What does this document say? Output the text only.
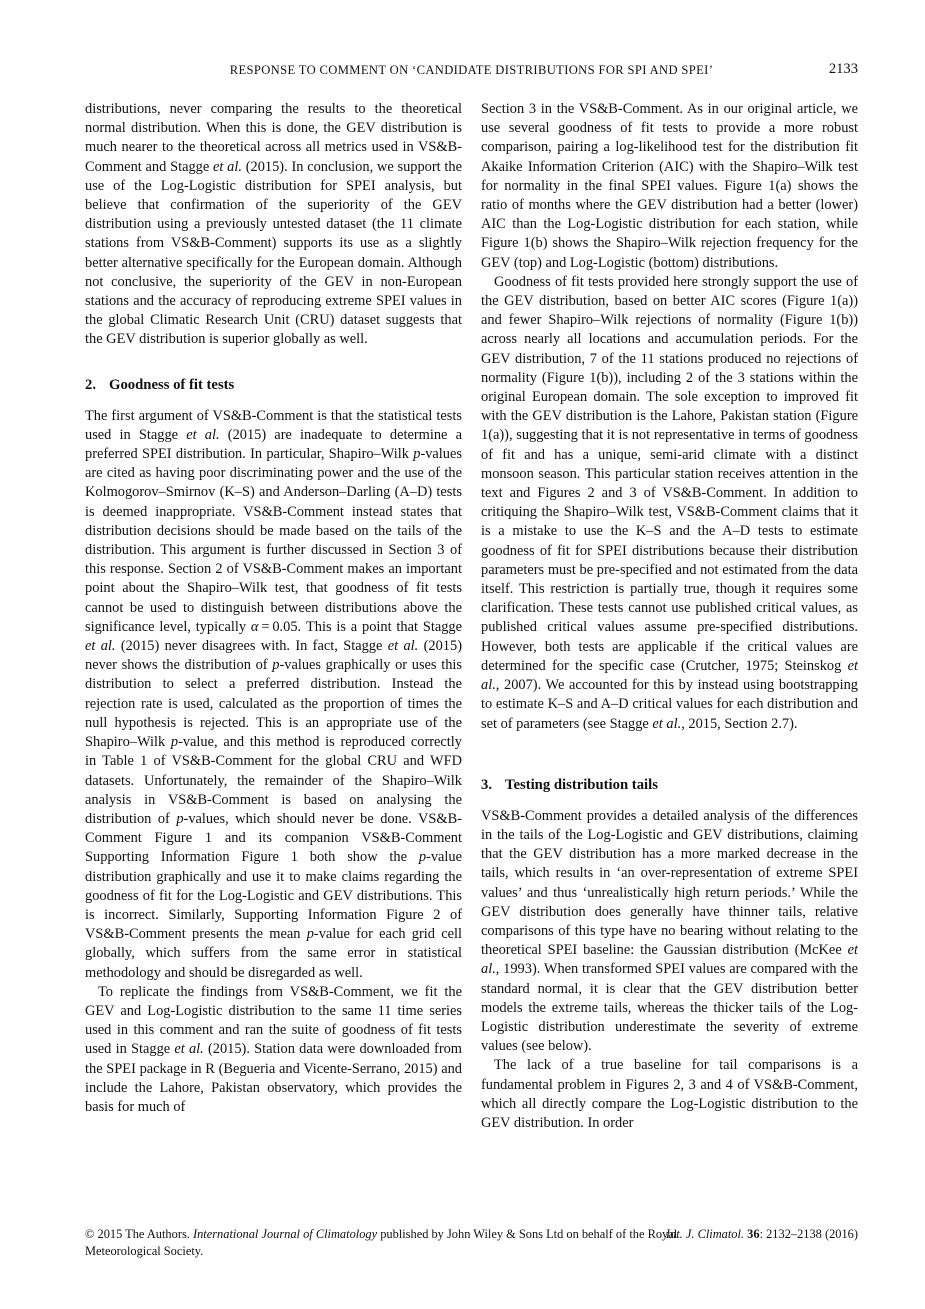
RESPONSE TO COMMENT ON ‘CANDIDATE DISTRIBUTIONS FOR SPI AND SPEI’	2133

distributions, never comparing the results to the theoretical normal distribution. When this is done, the GEV distribution is much nearer to the theoretical across all metrics used in VS&B-Comment and Stagge et al. (2015). In conclusion, we support the use of the Log-Logistic distribution for SPEI analysis, but believe that confirmation of the superiority of the GEV distribution using a previously untested dataset (the 11 climate stations from VS&B-Comment) supports its use as a slightly better alternative specifically for the European domain. Although not conclusive, the superiority of the GEV in non-European stations and the accuracy of reproducing extreme SPEI values in the global Climatic Research Unit (CRU) dataset suggests that the GEV distribution is superior globally as well.

2. Goodness of fit tests

The first argument of VS&B-Comment is that the statistical tests used in Stagge et al. (2015) are inadequate to determine a preferred SPEI distribution. In particular, Shapiro–Wilk p-values are cited as having poor discriminating power and the use of the Kolmogorov–Smirnov (K–S) and Anderson–Darling (A–D) tests is deemed inappropriate. VS&B-Comment instead states that distribution decisions should be made based on the tails of the distribution. This argument is further discussed in Section 3 of this response. Section 2 of VS&B-Comment makes an important point about the Shapiro–Wilk test, that goodness of fit tests cannot be used to distinguish between distributions above the significance level, typically α = 0.05. This is a point that Stagge et al. (2015) never disagrees with. In fact, Stagge et al. (2015) never shows the distribution of p-values graphically or uses this distribution to select a preferred distribution. Instead the rejection rate is used, calculated as the proportion of times the null hypothesis is rejected. This is an appropriate use of the Shapiro–Wilk p-value, and this method is reproduced correctly in Table 1 of VS&B-Comment for the global CRU and WFD datasets. Unfortunately, the remainder of the Shapiro–Wilk analysis in VS&B-Comment is based on analysing the distribution of p-values, which should never be done. VS&B-Comment Figure 1 and its companion VS&B-Comment Supporting Information Figure 1 both show the p-value distribution graphically and use it to make claims regarding the goodness of fit for the Log-Logistic and GEV distributions. This is incorrect. Similarly, Supporting Information Figure 2 of VS&B-Comment presents the mean p-value for each grid cell globally, which suffers from the same error in statistical methodology and should be disregarded as well.

To replicate the findings from VS&B-Comment, we fit the GEV and Log-Logistic distribution to the same 11 time series used in this comment and ran the suite of goodness of fit tests used in Stagge et al. (2015). Station data were downloaded from the SPEI package in R (Begueria and Vicente-Serrano, 2015) and include the Lahore, Pakistan observatory, which provides the basis for much of

Section 3 in the VS&B-Comment. As in our original article, we use several goodness of fit tests to provide a more robust comparison, pairing a log-likelihood test for the distribution fit Akaike Information Criterion (AIC) with the Shapiro–Wilk test for normality in the final SPEI values. Figure 1(a) shows the ratio of months where the GEV distribution had a better (lower) AIC than the Log-Logistic distribution for each station, while Figure 1(b) shows the Shapiro–Wilk rejection frequency for the GEV (top) and Log-Logistic (bottom) distributions.

Goodness of fit tests provided here strongly support the use of the GEV distribution, based on better AIC scores (Figure 1(a)) and fewer Shapiro–Wilk rejections of normality (Figure 1(b)) across nearly all locations and accumulation periods. For the GEV distribution, 7 of the 11 stations produced no rejections of normality (Figure 1(b)), including 2 of the 3 stations within the original European domain. The sole exception to improved fit with the GEV distribution is the Lahore, Pakistan station (Figure 1(a)), suggesting that it is not representative in terms of goodness of fit and has a unique, semi-arid climate with a distinct monsoon season. This particular station receives attention in the text and Figures 2 and 3 of VS&B-Comment. In addition to critiquing the Shapiro–Wilk test, VS&B-Comment claims that it is a mistake to use the K–S and the A–D tests to estimate goodness of fit for SPEI distributions because their distribution parameters must be pre-specified and not estimated from the data itself. This restriction is partially true, though it requires some clarification. These tests cannot use published critical values, as published critical values assume pre-specified distributions. However, both tests are applicable if the critical values are determined for the specific case (Crutcher, 1975; Steinskog et al., 2007). We accounted for this by instead using bootstrapping to estimate K–S and A–D critical values for each distribution and set of parameters (see Stagge et al., 2015, Section 2.7).

3. Testing distribution tails

VS&B-Comment provides a detailed analysis of the differences in the tails of the Log-Logistic and GEV distributions, claiming that the GEV distribution has a more marked decrease in the tails, which results in ‘an over-representation of extreme SPEI values’ and thus ‘unrealistically high return periods.’ While the GEV distribution does generally have thinner tails, relative comparisons of this type have no bearing without relating to the theoretical SPEI baseline: the Gaussian distribution (McKee et al., 1993). When transformed SPEI values are compared with the standard normal, it is clear that the GEV distribution better models the extreme tails, whereas the thicker tails of the Log-Logistic distribution underestimate the severity of extreme values (see below).

The lack of a true baseline for tail comparisons is a fundamental problem in Figures 2, 3 and 4 of VS&B-Comment, which all directly compare the Log-Logistic distribution to the GEV distribution. In order

© 2015 The Authors. International Journal of Climatology published by John Wiley & Sons Ltd on behalf of the Royal Meteorological Society.
Int. J. Climatol. 36: 2132–2138 (2016)
